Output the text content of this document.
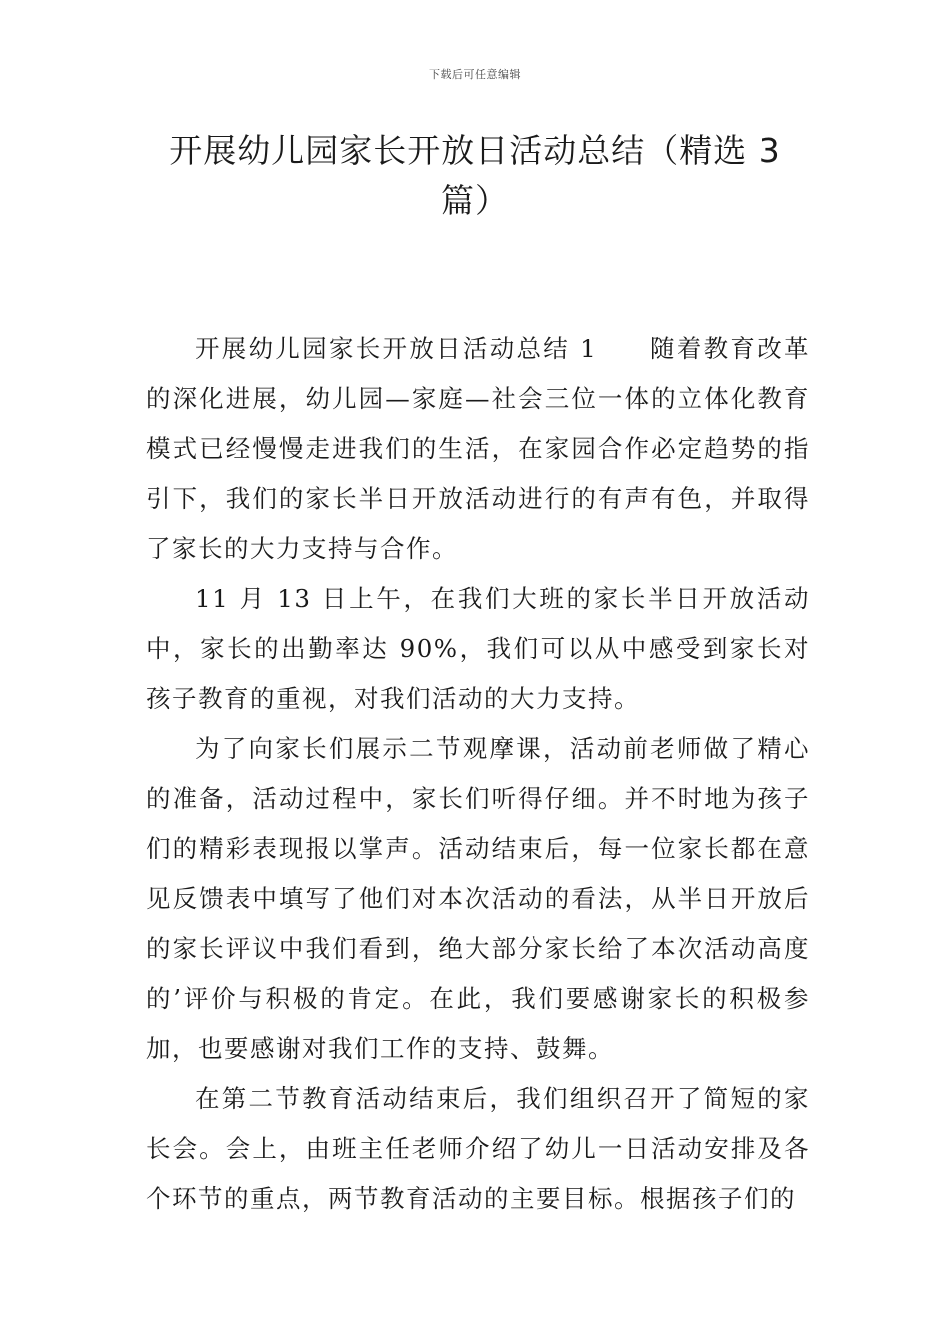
下载后可任意编辑
开展幼儿园家长开放日活动总结（精选 3 篇）

开展幼儿园家长开放日活动总结 1 随着教育改革的深化进展，幼儿园—家庭—社会三位一体的立体化教育模式已经慢慢走进我们的生活，在家园合作必定趋势的指引下，我们的家长半日开放活动进行的有声有色，并取得了家长的大力支持与合作。

11 月 13 日上午，在我们大班的家长半日开放活动中，家长的出勤率达 90%，我们可以从中感受到家长对孩子教育的重视，对我们活动的大力支持。

为了向家长们展示二节观摩课，活动前老师做了精心的准备，活动过程中，家长们听得仔细。并不时地为孩子们的精彩表现报以掌声。活动结束后，每一位家长都在意见反馈表中填写了他们对本次活动的看法，从半日开放后的家长评议中我们看到，绝大部分家长给了本次活动高度的’评价与积极的肯定。在此，我们要感谢家长的积极参加，也要感谢对我们工作的支持、鼓舞。

在第二节教育活动结束后，我们组织召开了简短的家长会。会上，由班主任老师介绍了幼儿一日活动安排及各个环节的重点，两节教育活动的主要目标。根据孩子们的
